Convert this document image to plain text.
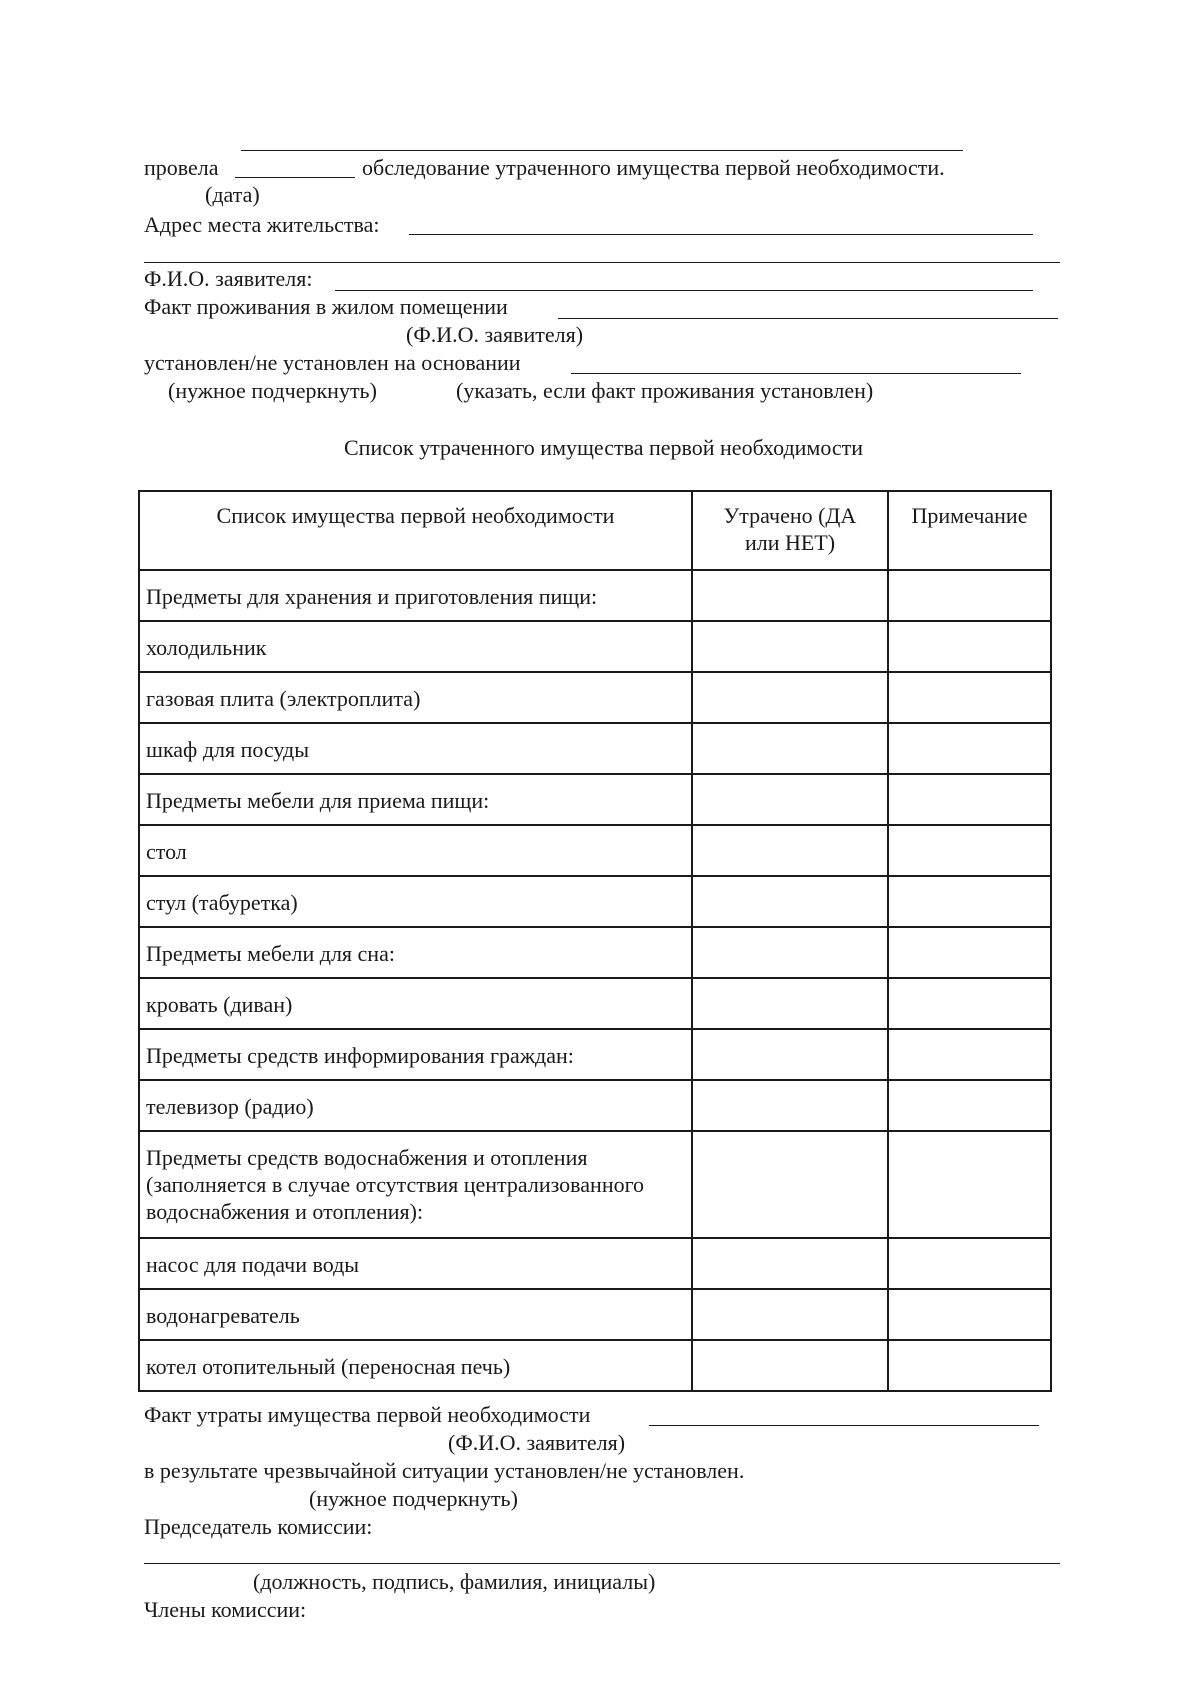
провела	обследование утраченного имущества первой необходимости.
(дата)
Адрес места жительства:
Ф.И.О. заявителя:
Факт проживания в жилом помещении
(Ф.И.О. заявителя)
установлен/не установлен на основании
(нужное подчеркнуть)	(указать, если факт проживания установлен)
Список утраченного имущества первой необходимости
Список имущества первой необходимости	Утрачено (ДА или НЕТ)	Примечание
Предметы для хранения и приготовления пищи:		
холодильник		
газовая плита (электроплита)		
шкаф для посуды		
Предметы мебели для приема пищи:		
стол		
стул (табуретка)		
Предметы мебели для сна:		
кровать (диван)		
Предметы средств информирования граждан:		
телевизор (радио)		
Предметы средств водоснабжения и отопления (заполняется в случае отсутствия централизованного водоснабжения и отопления):		
насос для подачи воды		
водонагреватель		
котел отопительный (переносная печь)		
Факт утраты имущества первой необходимости
(Ф.И.О. заявителя)
в результате чрезвычайной ситуации установлен/не установлен.
(нужное подчеркнуть)
Председатель комиссии:
(должность, подпись, фамилия, инициалы)
Члены комиссии:
